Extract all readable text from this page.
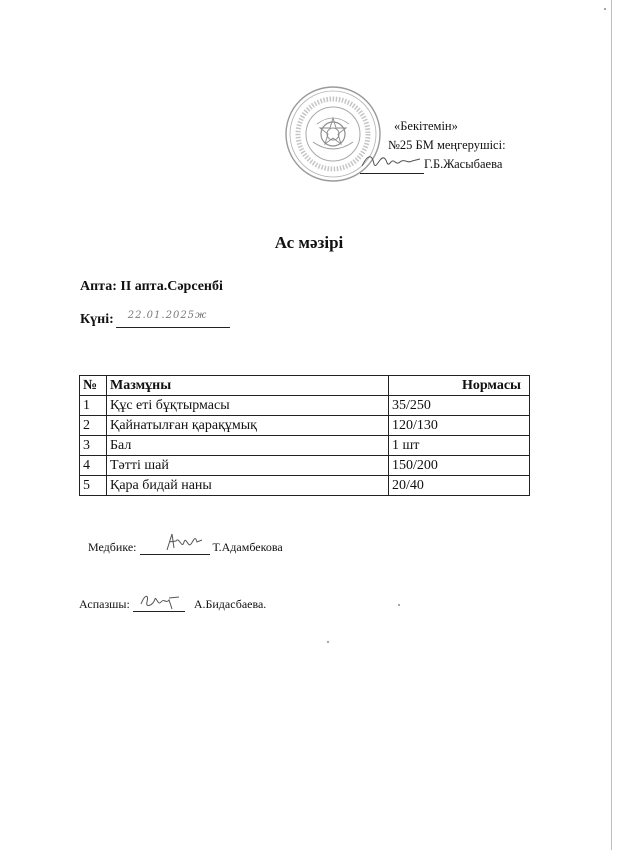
«Бекітемін»
№25 БМ меңгерушісі:
Г.Б.Жасыбаева
Ас мәзірі
Апта: II апта.Сәрсенбі
Күні: 22.01.2025ж
№	Мазмұны	Нормасы
1	Құс еті бұқтырмасы	35/250
2	Қайнатылған қарақұмық	120/130
3	Бал	1 шт
4	Тәтті шай	150/200
5	Қара бидай наны	20/40
Медбике:	Т.Адамбекова
Аспазшы:	А.Бидасбаева.
